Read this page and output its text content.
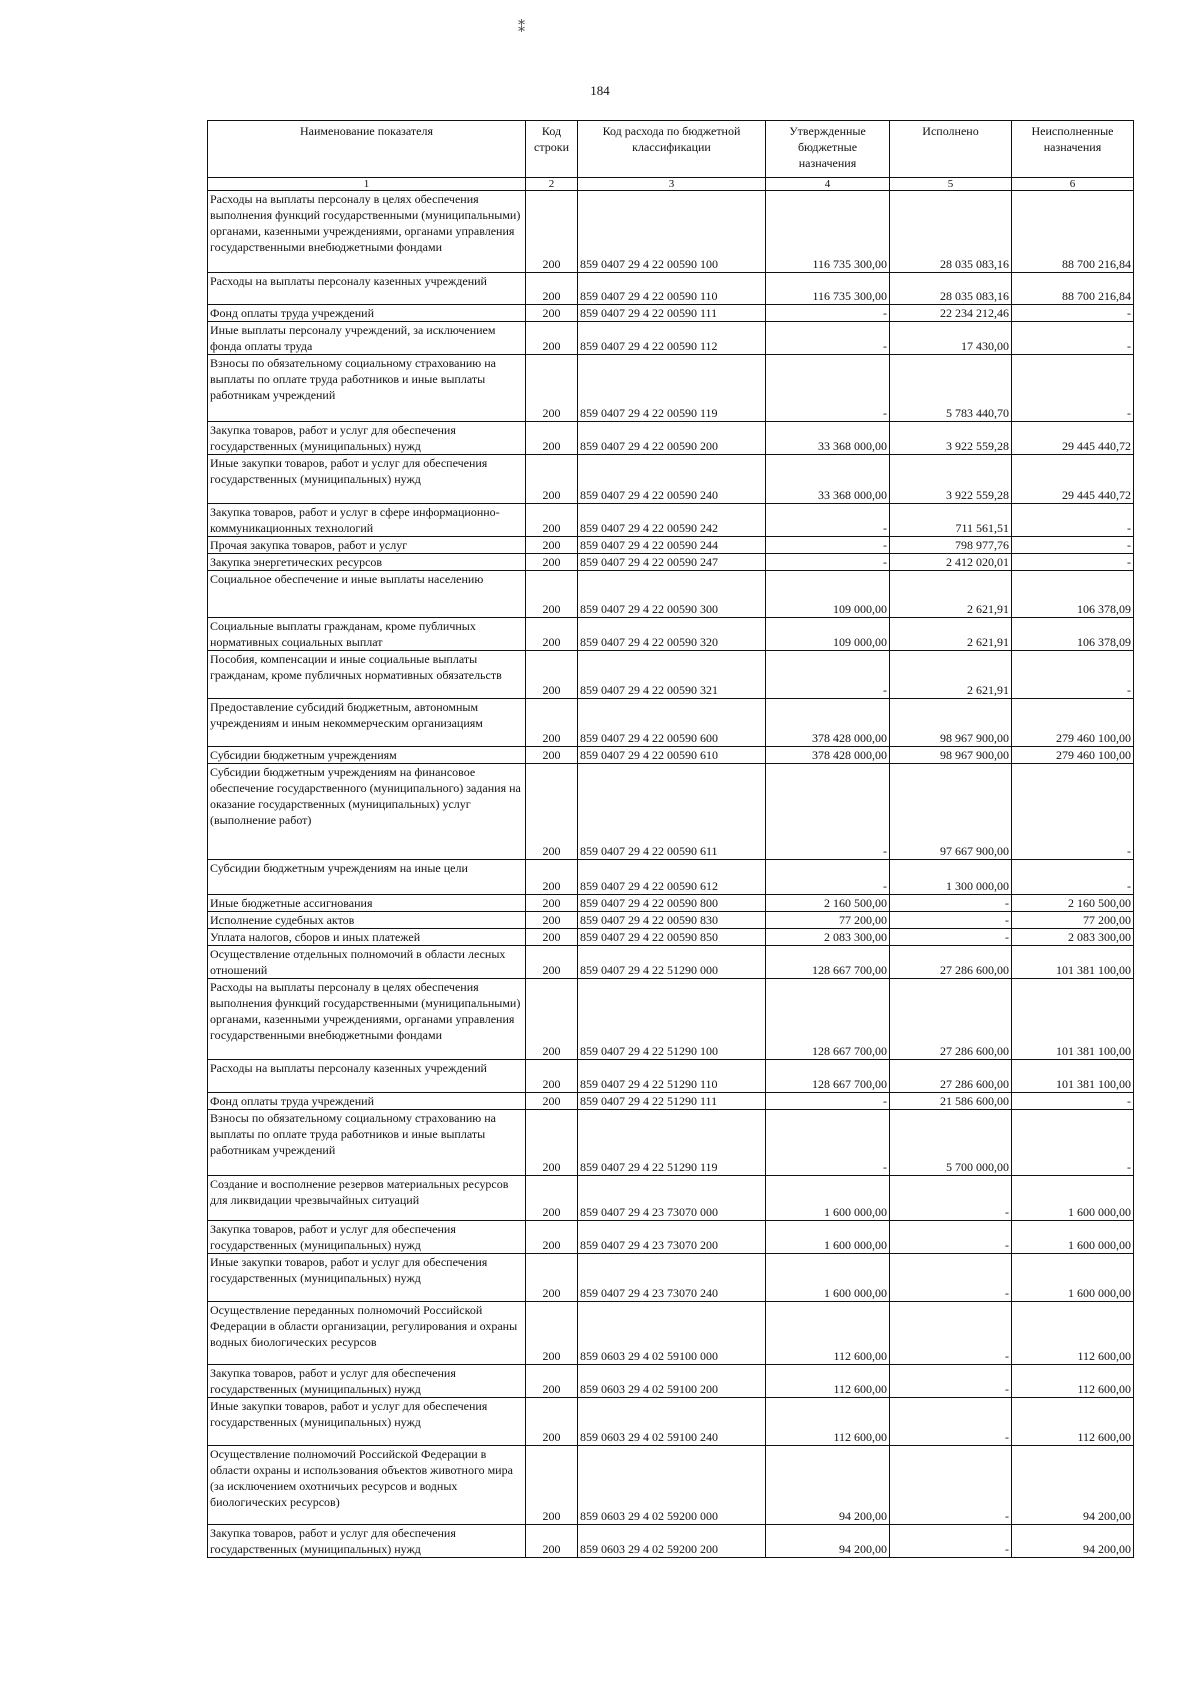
⁑
184
Наименование показателя	Код строки	Код расхода по бюджетной классификации	Утвержденные бюджетные назначения	Исполнено	Неисполненные назначения
1	2	3	4	5	6
Расходы на выплаты персоналу в целях обеспечения выполнения функций государственными (муниципальными) органами, казенными учреждениями, органами управления государственными внебюджетными фондами	200	859 0407 29 4 22 00590 100	116 735 300,00	28 035 083,16	88 700 216,84
Расходы на выплаты персоналу казенных учреждений	200	859 0407 29 4 22 00590 110	116 735 300,00	28 035 083,16	88 700 216,84
Фонд оплаты труда учреждений	200	859 0407 29 4 22 00590 111	-	22 234 212,46	-
Иные выплаты персоналу учреждений, за исключением фонда оплаты труда	200	859 0407 29 4 22 00590 112	-	17 430,00	-
Взносы по обязательному социальному страхованию на выплаты по оплате труда работников и иные выплаты работникам учреждений	200	859 0407 29 4 22 00590 119	-	5 783 440,70	-
Закупка товаров, работ и услуг для обеспечения государственных (муниципальных) нужд	200	859 0407 29 4 22 00590 200	33 368 000,00	3 922 559,28	29 445 440,72
Иные закупки товаров, работ и услуг для обеспечения государственных (муниципальных) нужд	200	859 0407 29 4 22 00590 240	33 368 000,00	3 922 559,28	29 445 440,72
Закупка товаров, работ и услуг в сфере информационно-коммуникационных технологий	200	859 0407 29 4 22 00590 242	-	711 561,51	-
Прочая закупка товаров, работ и услуг	200	859 0407 29 4 22 00590 244	-	798 977,76	-
Закупка энергетических ресурсов	200	859 0407 29 4 22 00590 247	-	2 412 020,01	-
Социальное обеспечение и иные выплаты населению	200	859 0407 29 4 22 00590 300	109 000,00	2 621,91	106 378,09
Социальные выплаты гражданам, кроме публичных нормативных социальных выплат	200	859 0407 29 4 22 00590 320	109 000,00	2 621,91	106 378,09
Пособия, компенсации и иные социальные выплаты гражданам, кроме публичных нормативных обязательств	200	859 0407 29 4 22 00590 321	-	2 621,91	-
Предоставление субсидий бюджетным, автономным учреждениям и иным некоммерческим организациям	200	859 0407 29 4 22 00590 600	378 428 000,00	98 967 900,00	279 460 100,00
Субсидии бюджетным учреждениям	200	859 0407 29 4 22 00590 610	378 428 000,00	98 967 900,00	279 460 100,00
Субсидии бюджетным учреждениям на финансовое обеспечение государственного (муниципального) задания на оказание государственных (муниципальных) услуг (выполнение работ)	200	859 0407 29 4 22 00590 611	-	97 667 900,00	-
Субсидии бюджетным учреждениям на иные цели	200	859 0407 29 4 22 00590 612	-	1 300 000,00	-
Иные бюджетные ассигнования	200	859 0407 29 4 22 00590 800	2 160 500,00	-	2 160 500,00
Исполнение судебных актов	200	859 0407 29 4 22 00590 830	77 200,00	-	77 200,00
Уплата налогов, сборов и иных платежей	200	859 0407 29 4 22 00590 850	2 083 300,00	-	2 083 300,00
Осуществление отдельных полномочий в области лесных отношений	200	859 0407 29 4 22 51290 000	128 667 700,00	27 286 600,00	101 381 100,00
Расходы на выплаты персоналу в целях обеспечения выполнения функций государственными (муниципальными) органами, казенными учреждениями, органами управления государственными внебюджетными фондами	200	859 0407 29 4 22 51290 100	128 667 700,00	27 286 600,00	101 381 100,00
Расходы на выплаты персоналу казенных учреждений	200	859 0407 29 4 22 51290 110	128 667 700,00	27 286 600,00	101 381 100,00
Фонд оплаты труда учреждений	200	859 0407 29 4 22 51290 111	-	21 586 600,00	-
Взносы по обязательному социальному страхованию на выплаты по оплате труда работников и иные выплаты работникам учреждений	200	859 0407 29 4 22 51290 119	-	5 700 000,00	-
Создание и восполнение резервов материальных ресурсов для ликвидации чрезвычайных ситуаций	200	859 0407 29 4 23 73070 000	1 600 000,00	-	1 600 000,00
Закупка товаров, работ и услуг для обеспечения государственных (муниципальных) нужд	200	859 0407 29 4 23 73070 200	1 600 000,00	-	1 600 000,00
Иные закупки товаров, работ и услуг для обеспечения государственных (муниципальных) нужд	200	859 0407 29 4 23 73070 240	1 600 000,00	-	1 600 000,00
Осуществление переданных полномочий Российской Федерации в области организации, регулирования и охраны водных биологических ресурсов	200	859 0603 29 4 02 59100 000	112 600,00	-	112 600,00
Закупка товаров, работ и услуг для обеспечения государственных (муниципальных) нужд	200	859 0603 29 4 02 59100 200	112 600,00	-	112 600,00
Иные закупки товаров, работ и услуг для обеспечения государственных (муниципальных) нужд	200	859 0603 29 4 02 59100 240	112 600,00	-	112 600,00
Осуществление полномочий Российской Федерации в области охраны и использования объектов животного мира (за исключением охотничьих ресурсов и водных биологических ресурсов)	200	859 0603 29 4 02 59200 000	94 200,00	-	94 200,00
Закупка товаров, работ и услуг для обеспечения государственных (муниципальных) нужд	200	859 0603 29 4 02 59200 200	94 200,00	-	94 200,00
